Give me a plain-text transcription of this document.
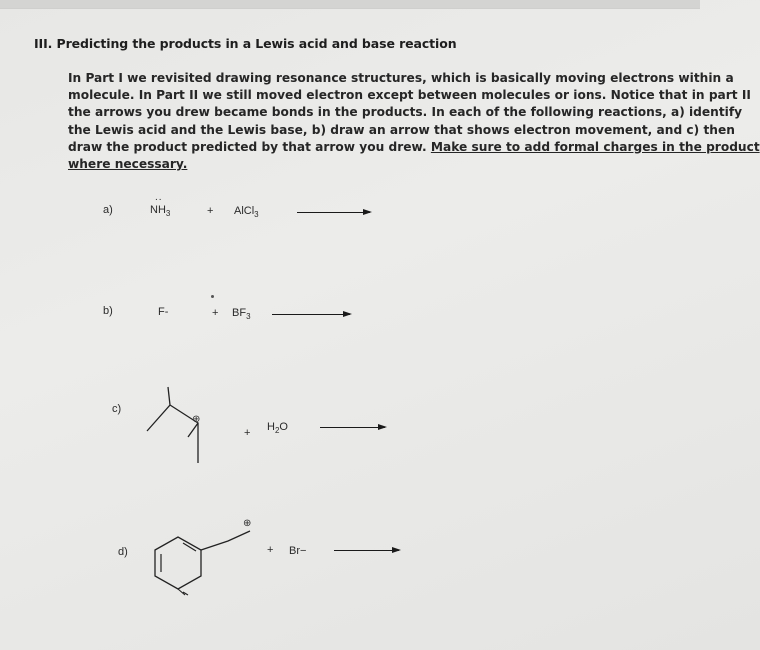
III. Predicting the products in a Lewis acid and base reaction

In Part I we revisited drawing resonance structures, which is basically moving electrons within a

molecule. In Part II we still moved electron except between molecules or ions. Notice that in part II

the arrows you drew became bonds in the products. In each of the following reactions, a) identify

the Lewis acid and the Lewis base, b) draw an arrow that shows electron movement, and c) then

draw the product predicted by that arrow you drew. Make sure to add formal charges in the product

where necessary.

a)
..
$NH_3$	+ AlCl$_3$
b)	F-	+ $BF_3$
c)
⊕
+ $H_2O$
d)
⊕
+ Br−
